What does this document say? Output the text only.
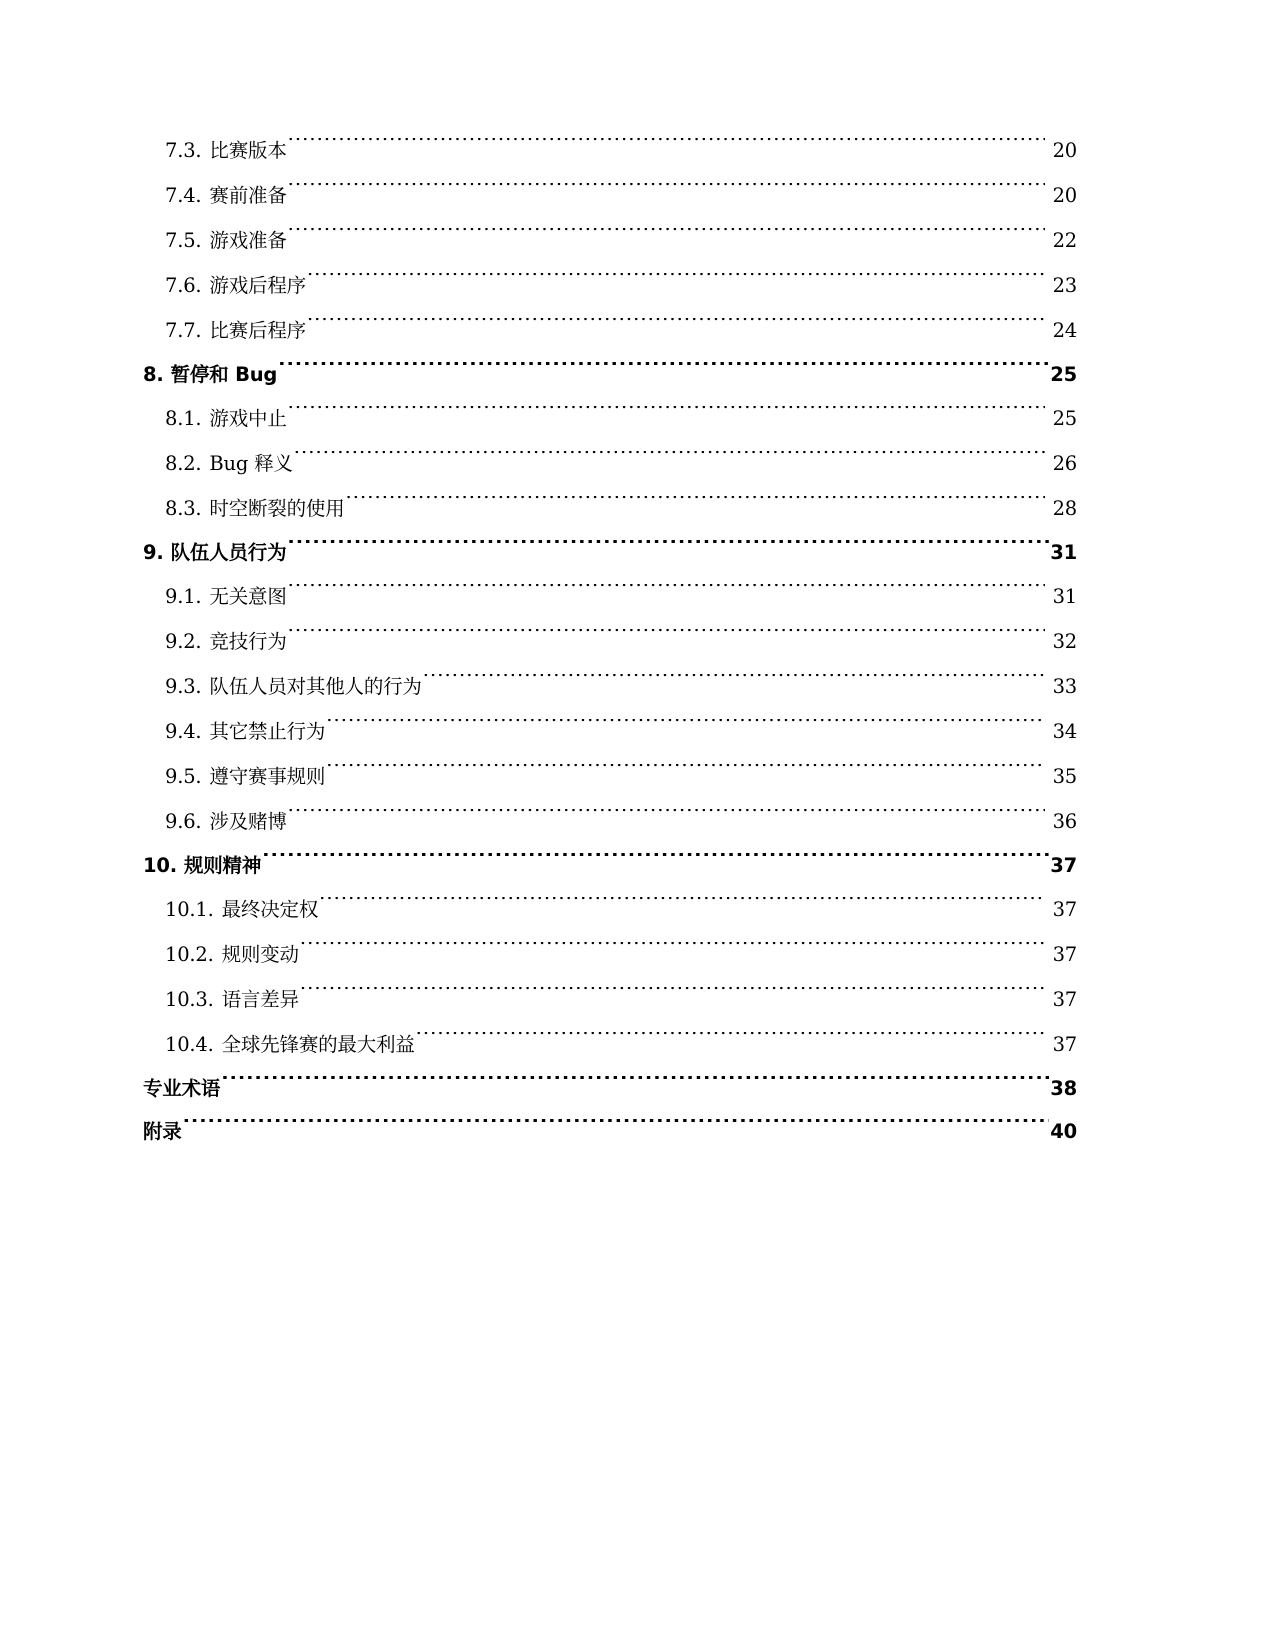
7.3. 比赛版本 .....	20
7.4. 赛前准备 .....	20
7.5. 游戏准备 .....	22
7.6. 游戏后程序 .....	23
7.7. 比赛后程序 .....	24
8. 暂停和 Bug .....	25
8.1. 游戏中止 .....	25
8.2. Bug 释义 .....	26
8.3. 时空断裂的使用 .....	28
9. 队伍人员行为 .....	31
9.1. 无关意图 .....	31
9.2. 竞技行为 .....	32
9.3. 队伍人员对其他人的行为 .....	33
9.4. 其它禁止行为 .....	34
9.5. 遵守赛事规则 .....	35
9.6. 涉及赌博 .....	36
10. 规则精神 .....	37
10.1. 最终决定权 .....	37
10.2. 规则变动 .....	37
10.3. 语言差异 .....	37
10.4. 全球先锋赛的最大利益 .....	37
专业术语 .....	38
附录 .....	40
